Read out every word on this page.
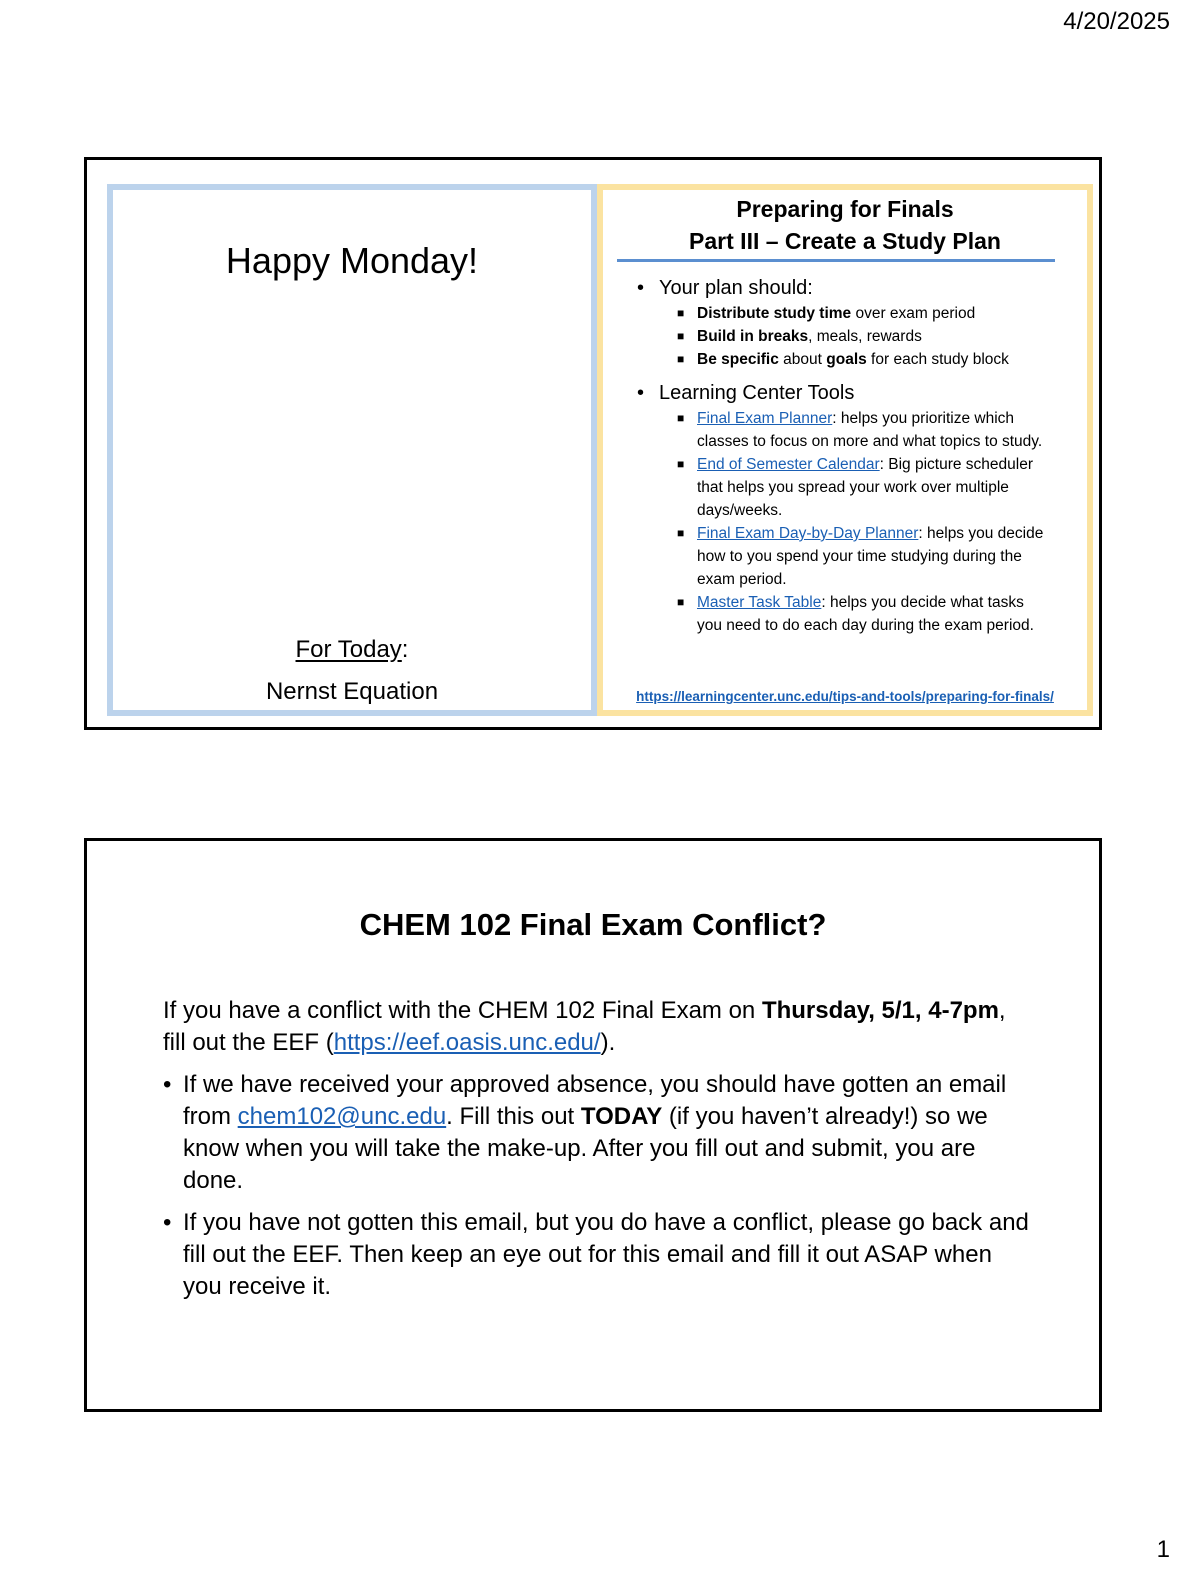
4/20/2025
Happy Monday!
For Today:
Nernst Equation
Preparing for Finals
Part III – Create a Study Plan
• Your plan should:
■ Distribute study time over exam period
■ Build in breaks, meals, rewards
■ Be specific about goals for each study block
• Learning Center Tools
■ Final Exam Planner: helps you prioritize which classes to focus on more and what topics to study.
■ End of Semester Calendar: Big picture scheduler that helps you spread your work over multiple days/weeks.
■ Final Exam Day-by-Day Planner: helps you decide how to you spend your time studying during the exam period.
■ Master Task Table: helps you decide what tasks you need to do each day during the exam period.
https://learningcenter.unc.edu/tips-and-tools/preparing-for-finals/
CHEM 102 Final Exam Conflict?

If you have a conflict with the CHEM 102 Final Exam on Thursday, 5/1, 4-7pm, fill out the EEF (https://eef.oasis.unc.edu/).

• If we have received your approved absence, you should have gotten an email from chem102@unc.edu. Fill this out TODAY (if you haven’t already!) so we know when you will take the make-up. After you fill out and submit, you are done.
• If you have not gotten this email, but you do have a conflict, please go back and fill out the EEF. Then keep an eye out for this email and fill it out ASAP when you receive it.
1
